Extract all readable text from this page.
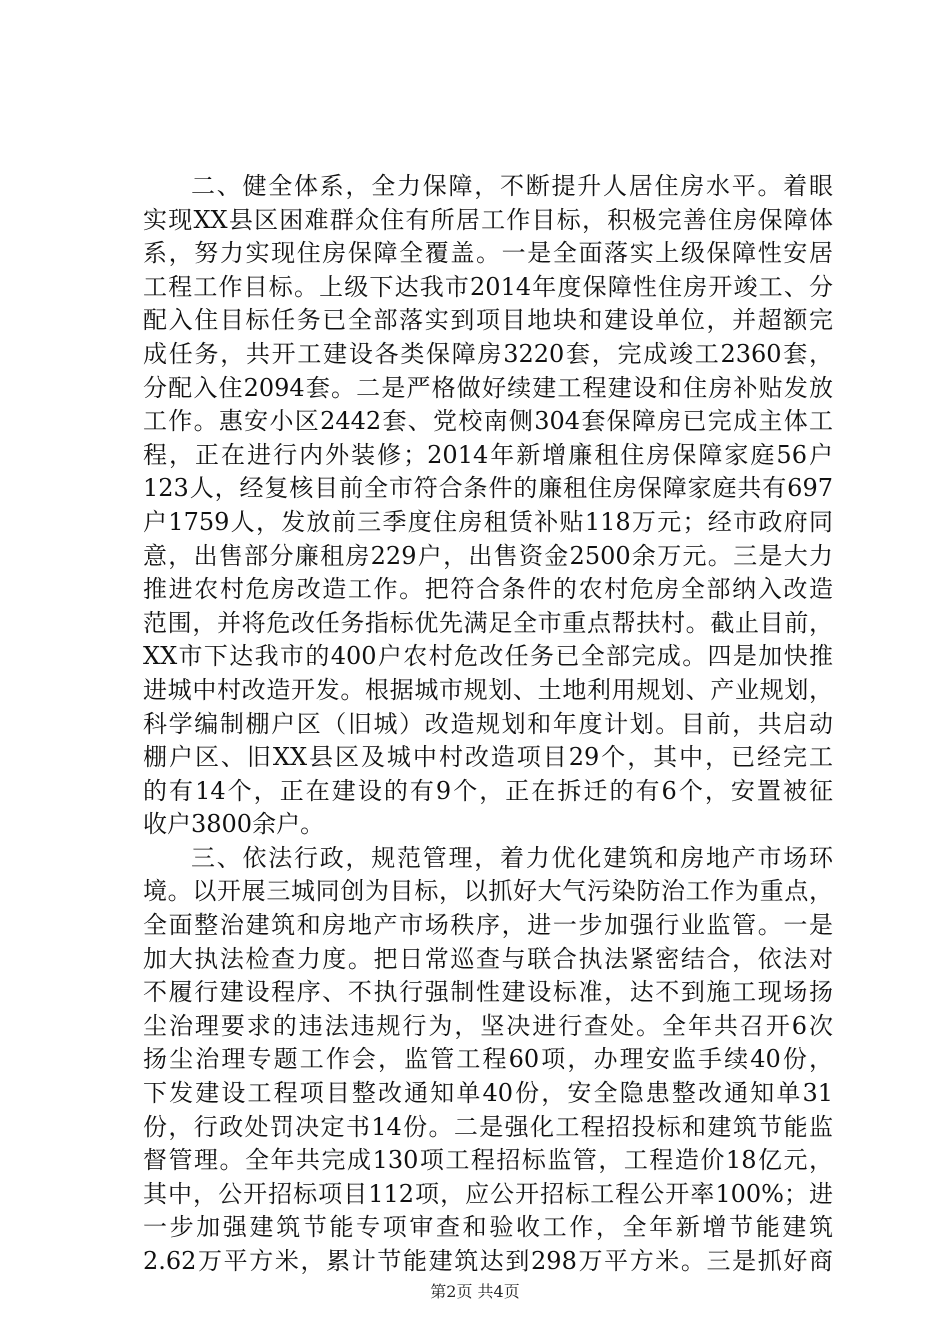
二、健全体系，全力保障，不断提升人居住房水平。着眼
实现XX县区困难群众住有所居工作目标，积极完善住房保障体
系，努力实现住房保障全覆盖。一是全面落实上级保障性安居
工程工作目标。上级下达我市2014年度保障性住房开竣工、分
配入住目标任务已全部落实到项目地块和建设单位，并超额完
成任务，共开工建设各类保障房3220套，完成竣工2360套，
分配入住2094套。二是严格做好续建工程建设和住房补贴发放
工作。惠安小区2442套、党校南侧304套保障房已完成主体工
程，正在进行内外装修；2014年新增廉租住房保障家庭56户
123人，经复核目前全市符合条件的廉租住房保障家庭共有697
户1759人，发放前三季度住房租赁补贴118万元；经市政府同
意，出售部分廉租房229户，出售资金2500余万元。三是大力
推进农村危房改造工作。把符合条件的农村危房全部纳入改造
范围，并将危改任务指标优先满足全市重点帮扶村。截止目前，
XX市下达我市的400户农村危改任务已全部完成。四是加快推
进城中村改造开发。根据城市规划、土地利用规划、产业规划，
科学编制棚户区（旧城）改造规划和年度计划。目前，共启动
棚户区、旧XX县区及城中村改造项目29个，其中，已经完工
的有14个，正在建设的有9个，正在拆迁的有6个，安置被征
收户3800余户。
三、依法行政，规范管理，着力优化建筑和房地产市场环
境。以开展三城同创为目标，以抓好大气污染防治工作为重点，
全面整治建筑和房地产市场秩序，进一步加强行业监管。一是
加大执法检查力度。把日常巡查与联合执法紧密结合，依法对
不履行建设程序、不执行强制性建设标准，达不到施工现场扬
尘治理要求的违法违规行为，坚决进行查处。全年共召开6次
扬尘治理专题工作会，监管工程60项，办理安监手续40份，
下发建设工程项目整改通知单40份，安全隐患整改通知单31
份，行政处罚决定书14份。二是强化工程招投标和建筑节能监
督管理。全年共完成130项工程招标监管，工程造价18亿元，
其中，公开招标项目112项，应公开招标工程公开率100%；进
一步加强建筑节能专项审查和验收工作，全年新增节能建筑
2.62万平方米，累计节能建筑达到298万平方米。三是抓好商
第2页 共4页
